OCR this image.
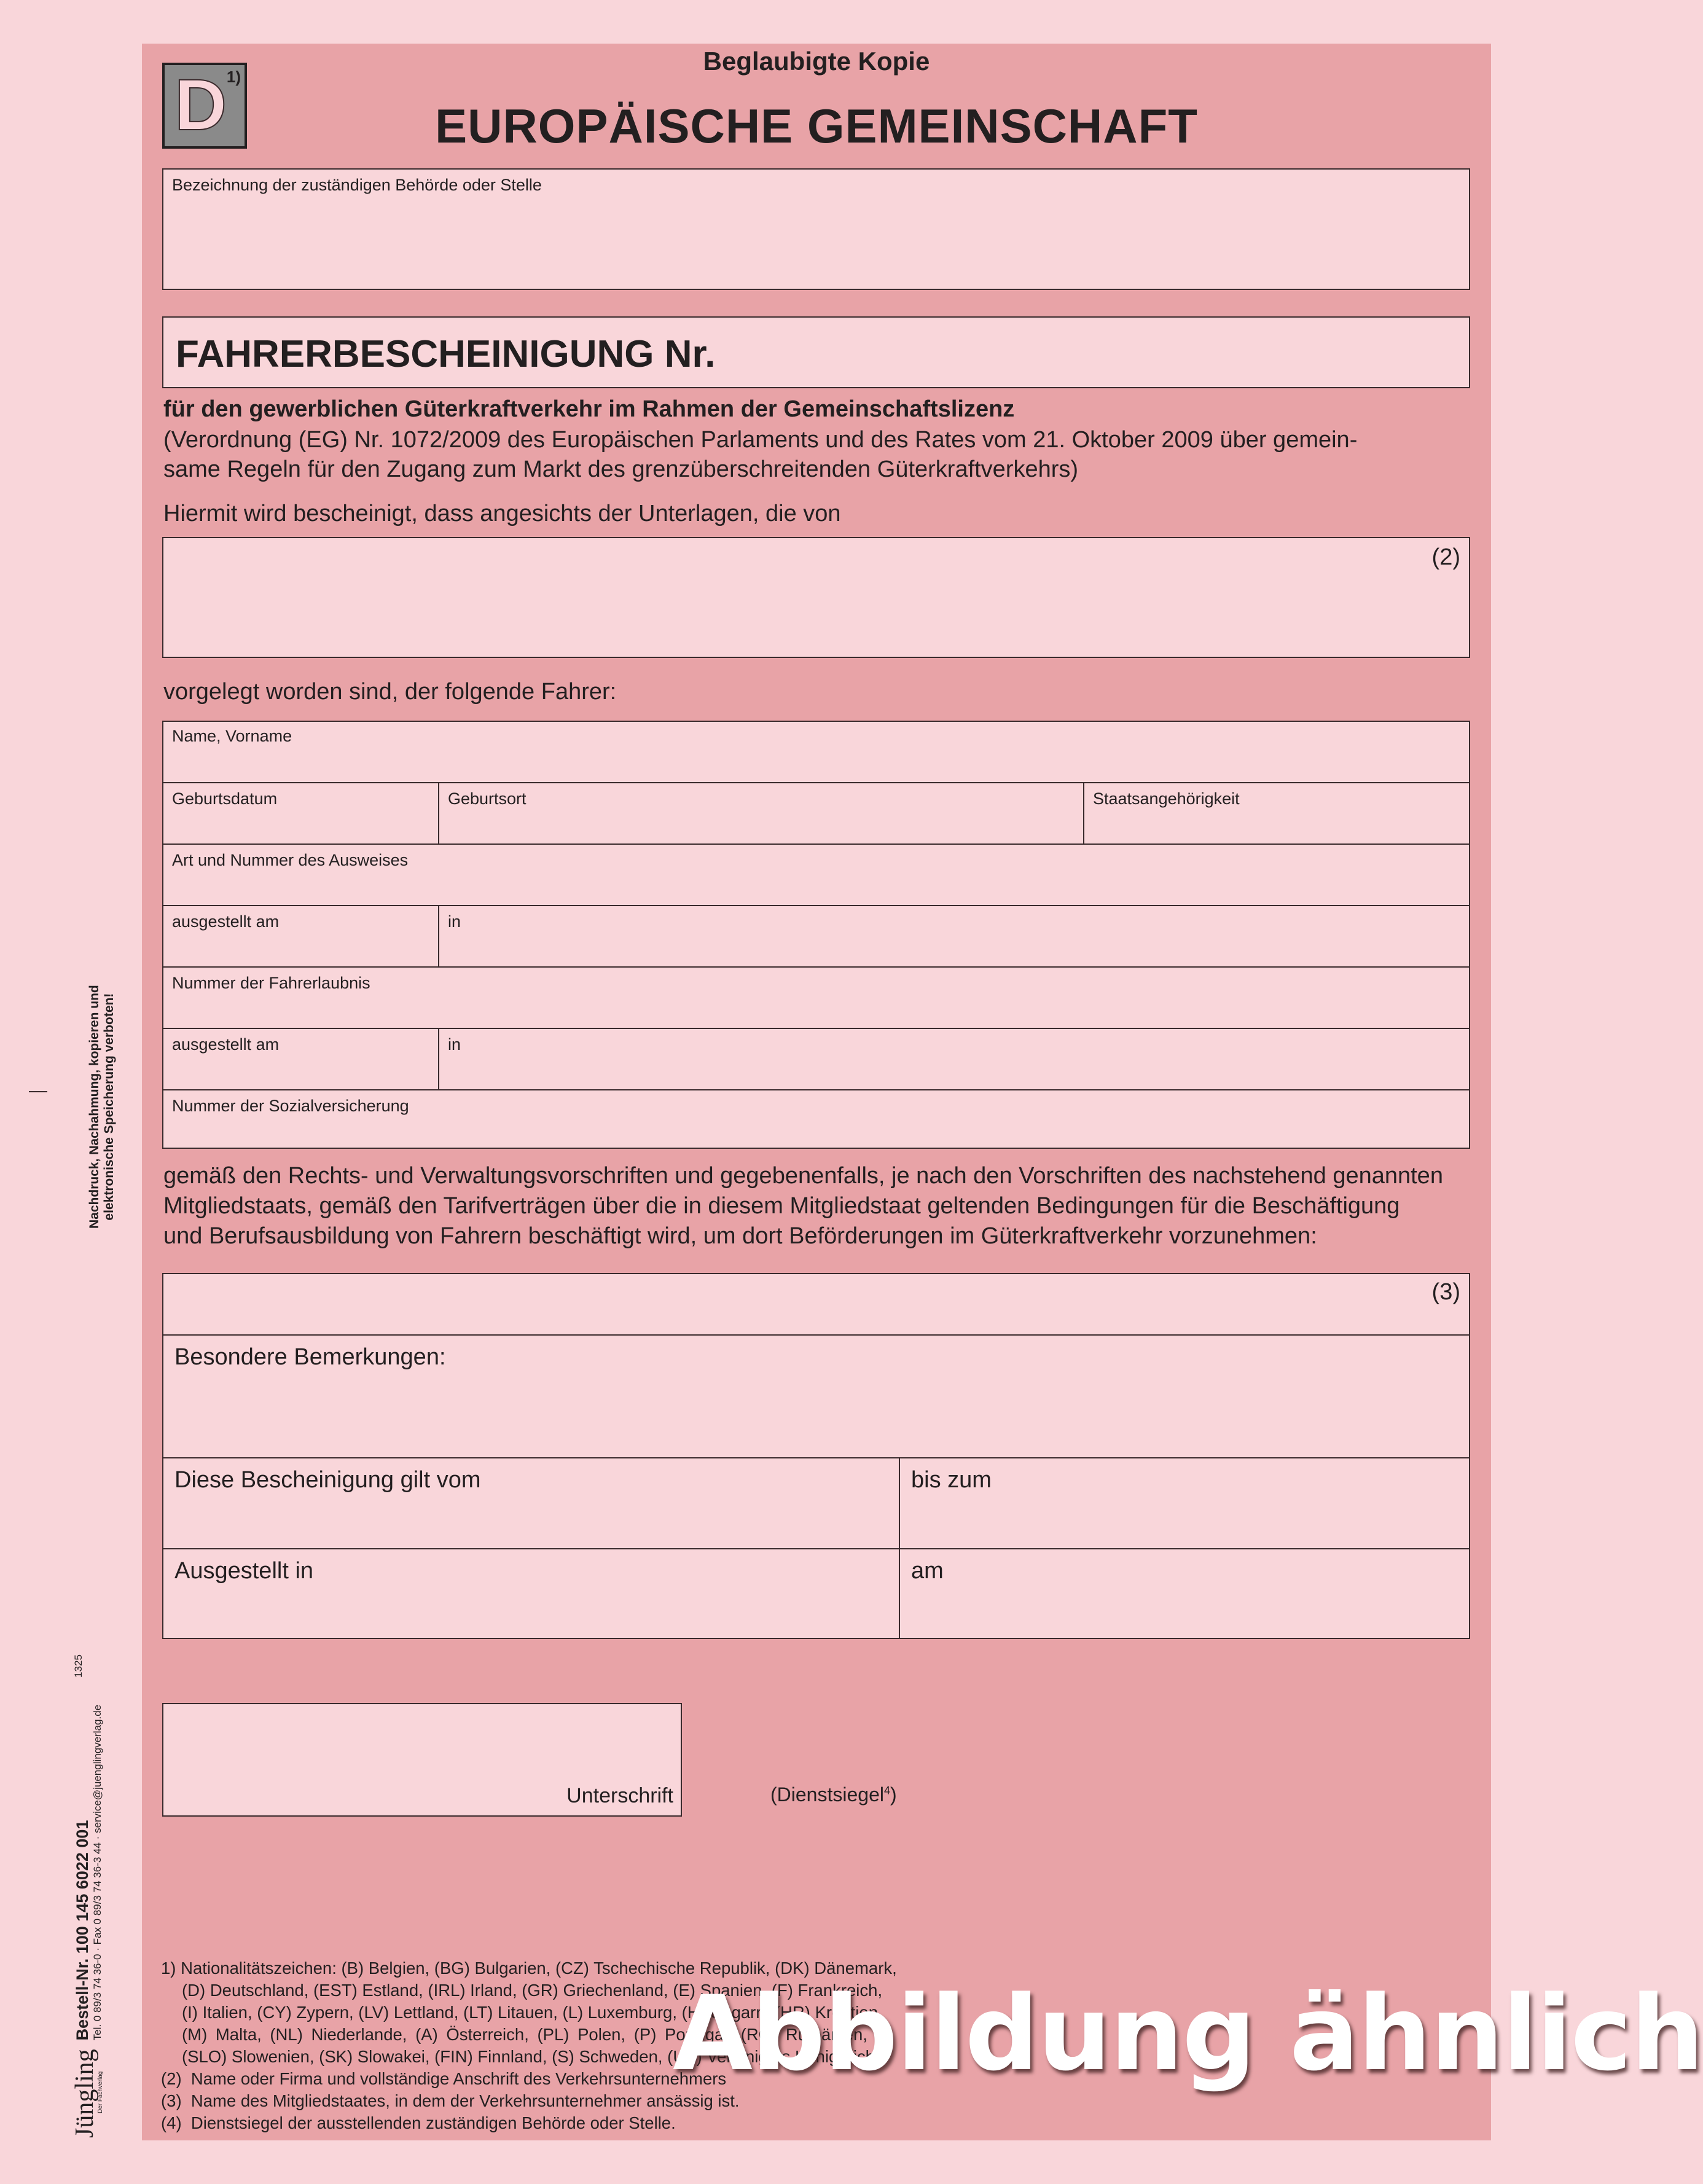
Nachdruck, Nachahmung, kopieren und elektronische Speicherung verboten!
Jüngling
Der Fachverlag
Bestell-Nr. 100 145 6022 001 Tel. 0 89/3 74 36-0 · Fax 0 89/3 74 36-3 44 · service@juenglingverlag.de
1325
D 1)
Beglaubigte Kopie
EUROPÄISCHE GEMEINSCHAFT
Bezeichnung der zuständigen Behörde oder Stelle
FAHRERBESCHEINIGUNG Nr.
für den gewerblichen Güterkraftverkehr im Rahmen der Gemeinschaftslizenz
(Verordnung (EG) Nr. 1072/2009 des Europäischen Parlaments und des Rates vom 21. Oktober 2009 über gemein-
same Regeln für den Zugang zum Markt des grenzüberschreitenden Güterkraftverkehrs)
Hiermit wird bescheinigt, dass angesichts der Unterlagen, die von
(2)
vorgelegt worden sind, der folgende Fahrer:
Name, Vorname
Geburtsdatum	Geburtsort	Staatsangehörigkeit
Art und Nummer des Ausweises
ausgestellt am	in
Nummer der Fahrerlaubnis
ausgestellt am	in
Nummer der Sozialversicherung
gemäß den Rechts- und Verwaltungsvorschriften und gegebenenfalls, je nach den Vorschriften des nachstehend genannten
Mitgliedstaats, gemäß den Tarifverträgen über die in diesem Mitgliedstaat geltenden Bedingungen für die Beschäftigung
und Berufsausbildung von Fahrern beschäftigt wird, um dort Beförderungen im Güterkraftverkehr vorzunehmen:
(3)
Besondere Bemerkungen:
Diese Bescheinigung gilt vom	bis zum
Ausgestellt in	am
Unterschrift	(Dienstsiegel$^4$)
1) Nationalitätszeichen: (B) Belgien, (BG) Bulgarien, (CZ) Tschechische Republik, (DK) Dänemark,
(D) Deutschland, (EST) Estland, (IRL) Irland, (GR) Griechenland, (E) Spanien, (F) Frankreich,
(I) Italien, (CY) Zypern, (LV) Lettland, (LT) Litauen, (L) Luxemburg, (H) Ungarn, (HR) Kroatien,
(M) Malta, (NL) Niederlande, (A) Österreich, (PL) Polen, (P) Portugal, (RO) Rumänien,
(SLO) Slowenien, (SK) Slowakei, (FIN) Finnland, (S) Schweden, (UK) Vereinigtes Königreich.
(2)  Name oder Firma und vollständige Anschrift des Verkehrsunternehmers
(3)  Name des Mitgliedstaates, in dem der Verkehrsunternehmer ansässig ist.
(4)  Dienstsiegel der ausstellenden zuständigen Behörde oder Stelle.
Abbildung ähnlich
